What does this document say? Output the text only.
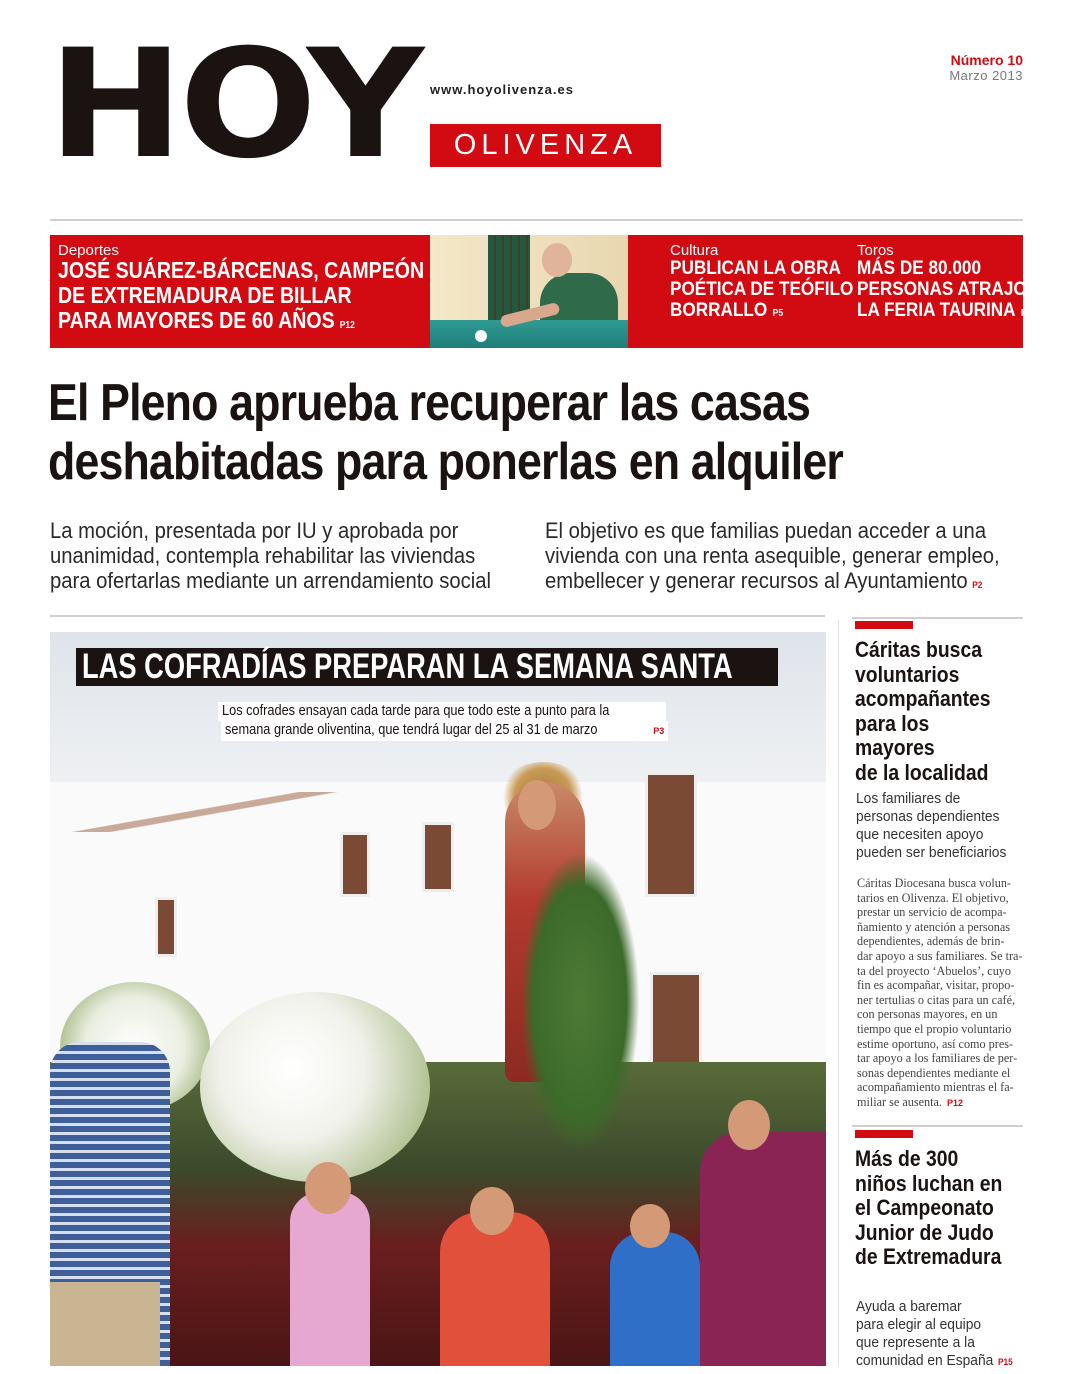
HOY www.hoyolivenza.es
OLIVENZA
Número 10
Marzo 2013
Deportes
JOSÉ SUÁREZ-BÁRCENAS, CAMPEÓN
DE EXTREMADURA DE BILLAR
PARA MAYORES DE 60 AÑOS P12
Cultura
PUBLICAN LA OBRA
POÉTICA DE TEÓFILO
BORRALLO P5
Toros
MÁS DE 80.000
PERSONAS ATRAJO
LA FERIA TAURINA P11
El Pleno aprueba recuperar las casas
deshabitadas para ponerlas en alquiler
La moción, presentada por IU y aprobada por
unanimidad, contempla rehabilitar las viviendas
para ofertarlas mediante un arrendamiento social
El objetivo es que familias puedan acceder a una
vivienda con una renta asequible, generar empleo,
embellecer y generar recursos al Ayuntamiento P2
LAS COFRADÍAS PREPARAN LA SEMANA SANTA
Los cofrades ensayan cada tarde para que todo este a punto para la
semana grande oliventina, que tendrá lugar del 25 al 31 de marzo	P3
Cáritas busca
voluntarios
acompañantes
para los
mayores
de la localidad
Los familiares de
personas dependientes
que necesiten apoyo
pueden ser beneficiarios
Cáritas Diocesana busca volun-
tarios en Olivenza. El objetivo,
prestar un servicio de acompa-
ñamiento y atención a personas
dependientes, además de brin-
dar apoyo a sus familiares. Se tra-
ta del proyecto ‘Abuelos’, cuyo
fin es acompañar, visitar, propo-
ner tertulias o citas para un café,
con personas mayores, en un
tiempo que el propio voluntario
estime oportuno, así como pres-
tar apoyo a los familiares de per-
sonas dependientes mediante el
acompañamiento mientras el fa-
miliar se ausenta. P12
Más de 300
niños luchan en
el Campeonato
Junior de Judo
de Extremadura
Ayuda a baremar
para elegir al equipo
que represente a la
comunidad en España P15
